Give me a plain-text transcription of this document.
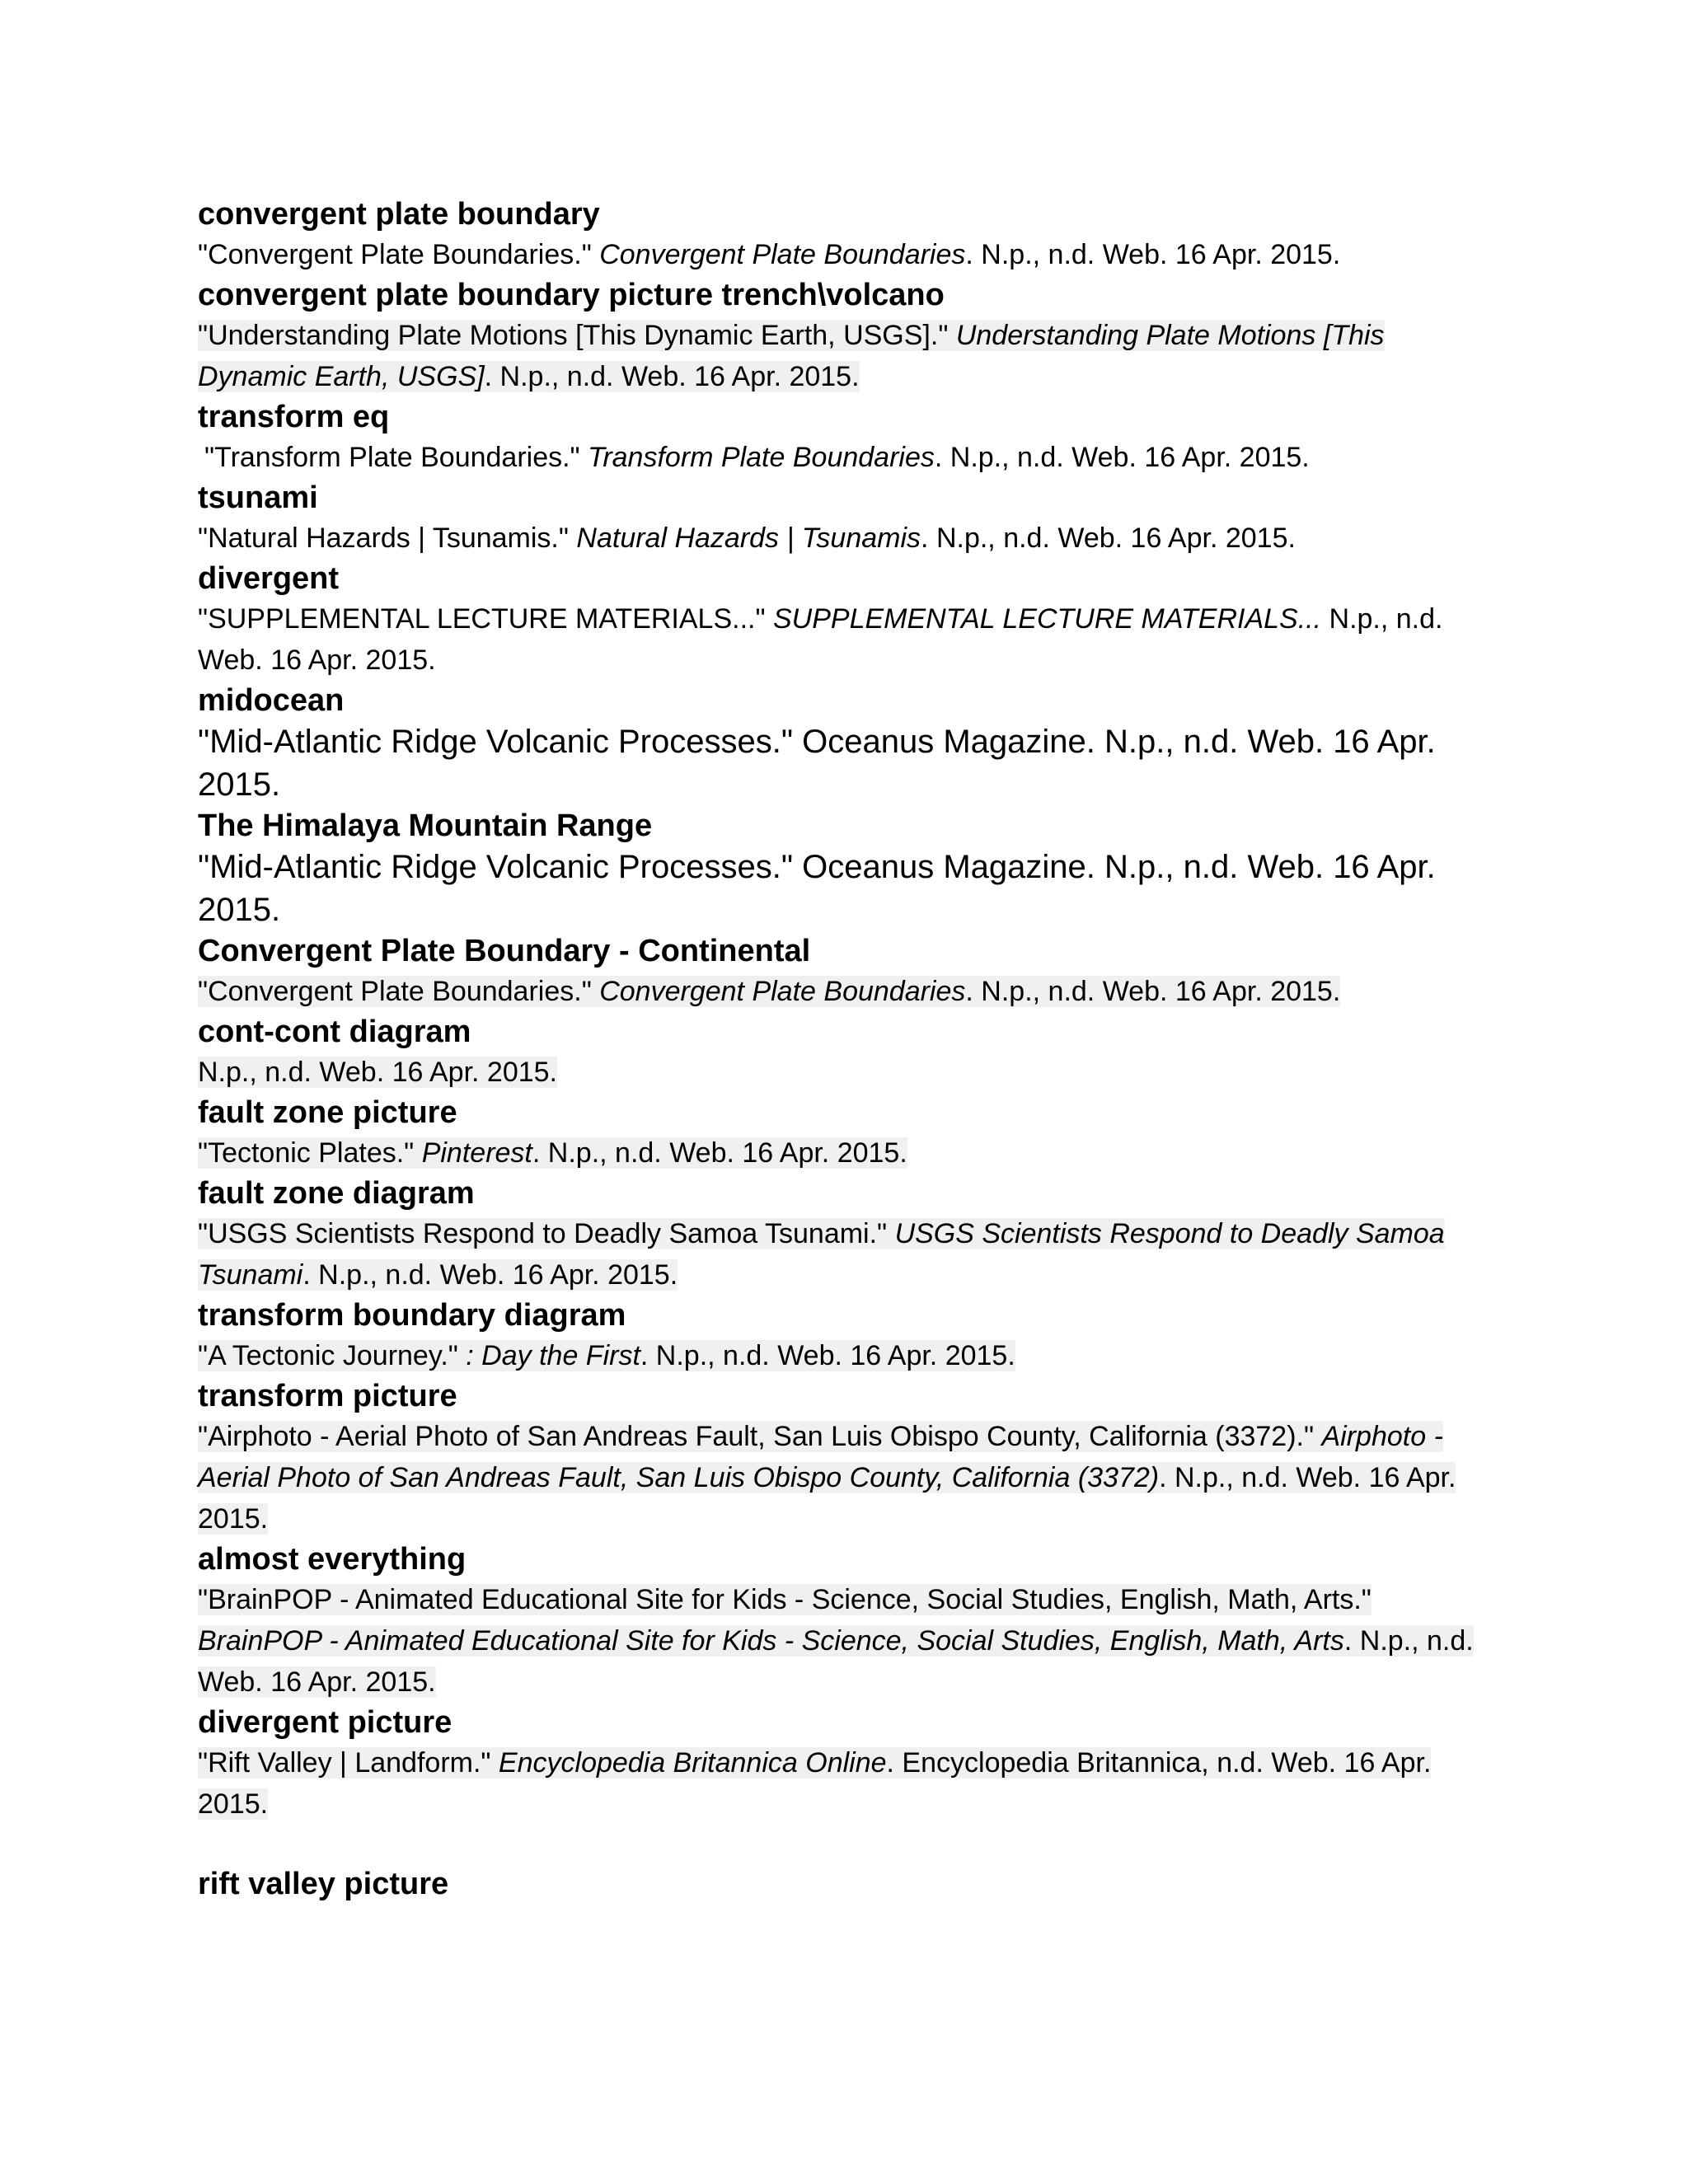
convergent plate boundary

"Convergent Plate Boundaries." Convergent Plate Boundaries. N.p., n.d. Web. 16 Apr. 2015.

convergent plate boundary picture trench\volcano

"Understanding Plate Motions [This Dynamic Earth, USGS]." Understanding Plate Motions [This Dynamic Earth, USGS]. N.p., n.d. Web. 16 Apr. 2015.

transform eq

"Transform Plate Boundaries." Transform Plate Boundaries. N.p., n.d. Web. 16 Apr. 2015.

tsunami

"Natural Hazards | Tsunamis." Natural Hazards | Tsunamis. N.p., n.d. Web. 16 Apr. 2015.

divergent

"SUPPLEMENTAL LECTURE MATERIALS..." SUPPLEMENTAL LECTURE MATERIALS... N.p., n.d. Web. 16 Apr. 2015.

midocean

"Mid-Atlantic Ridge Volcanic Processes." Oceanus Magazine. N.p., n.d. Web. 16 Apr. 2015.

The Himalaya Mountain Range

"Mid-Atlantic Ridge Volcanic Processes." Oceanus Magazine. N.p., n.d. Web. 16 Apr. 2015.

Convergent Plate Boundary - Continental

"Convergent Plate Boundaries." Convergent Plate Boundaries. N.p., n.d. Web. 16 Apr. 2015.

cont-cont diagram

N.p., n.d. Web. 16 Apr. 2015.

fault zone picture

"Tectonic Plates." Pinterest. N.p., n.d. Web. 16 Apr. 2015.

fault zone diagram

"USGS Scientists Respond to Deadly Samoa Tsunami." USGS Scientists Respond to Deadly Samoa Tsunami. N.p., n.d. Web. 16 Apr. 2015.

transform boundary diagram

"A Tectonic Journey." : Day the First. N.p., n.d. Web. 16 Apr. 2015.

transform picture

"Airphoto - Aerial Photo of San Andreas Fault, San Luis Obispo County, California (3372)." Airphoto - Aerial Photo of San Andreas Fault, San Luis Obispo County, California (3372). N.p., n.d. Web. 16 Apr. 2015.

almost everything

"BrainPOP - Animated Educational Site for Kids - Science, Social Studies, English, Math, Arts." BrainPOP - Animated Educational Site for Kids - Science, Social Studies, English, Math, Arts. N.p., n.d. Web. 16 Apr. 2015.

divergent picture

"Rift Valley | Landform." Encyclopedia Britannica Online. Encyclopedia Britannica, n.d. Web. 16 Apr. 2015.

rift valley picture
